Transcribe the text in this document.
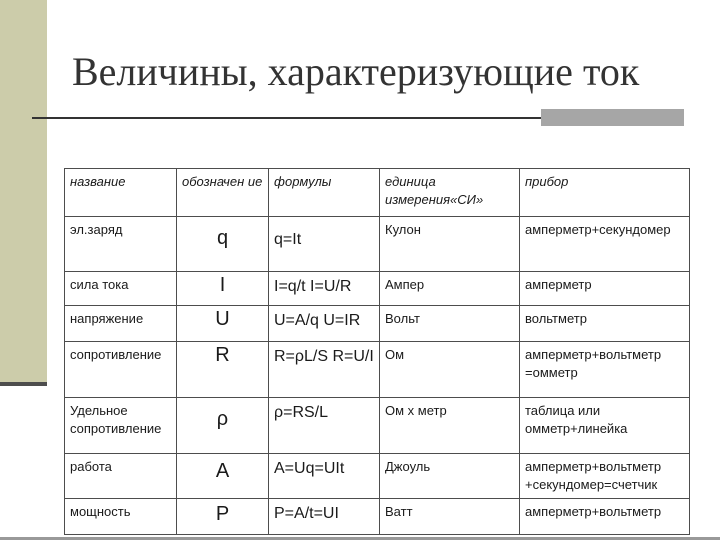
Величины, характеризующие ток
название	обозначен ие	формулы	единица измерения«СИ»	прибор
эл.заряд	q	q=It	Кулон	амперметр+секундомер
сила тока	I	I=q/t I=U/R	Ампер	амперметр
напряжение	U	U=A/q U=IR	Вольт	вольтметр
сопротивление	R	R=ρL/S R=U/I	Ом	амперметр+вольтметр =омметр
Удельное сопротивление	ρ	ρ=RS/L	Ом х метр	таблица или омметр+линейка
работа	A	A=Uq=UIt	Джоуль	амперметр+вольтметр +секундомер=счетчик
мощность	P	P=A/t=UI	Ватт	амперметр+вольтметр
